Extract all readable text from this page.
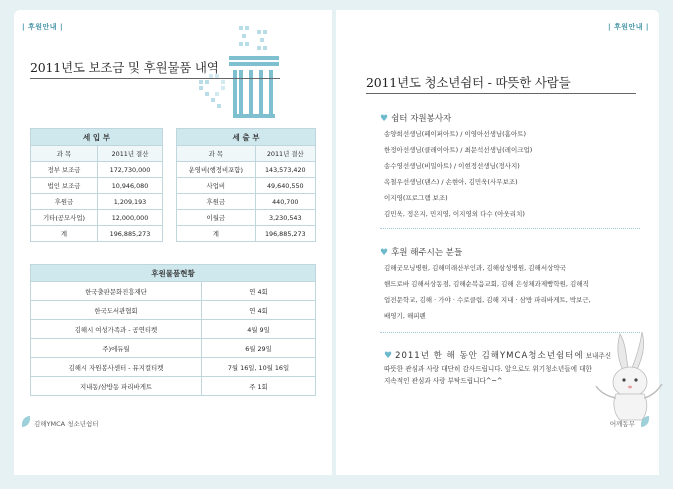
| 후원안내 |	| 후원안내 |
2011년도 보조금 및 후원물품 내역
세 입 부	
과 목	2011년 결산
정부 보조금	172,730,000
법인 보조금	10,946,080
후원금	1,209,193
기타(공모사업)	12,000,000
계	196,885,273
세 출 부	
과 목	2011년 결산
운영비(행정비포함)	143,573,420
사업비	49,640,550
후원금	440,700
이월금	3,230,543
계	196,885,273
후원물품현황	
한국출판문화진흥재단	연 4회
한국도서관협회	연 4회
김해시 여성가족과 - 공연티켓	4월 9일
주)에듀월	6월 29일
김해시 자원봉사센터 - 뮤지컬티켓	7월 16일, 10월 16일
지내동/삼방동 파리바게트	주 1회
2011년도 청소년쉼터 - 따뜻한 사람들
♥ 쉼터 자원봉사자
송양희선생님(페이퍼아트) / 이영아선생님(홈아트)
한정아선생님(클레이아트) / 최문석선생님(레이크업)
송수영선생님(비밀아트) / 이현정선생님(정사지)
옥철우선생님(댄스) / 손현아, 김민욱(사무보조)
이지영(프로그램 보조)
김민욱, 정은지, 민지영, 이지영외 다수 (아웃리치)
♥ 후원 해주시는 분들
김해굿모닝병원, 김해미래산부인과, 김해삼성병원, 김해서상약국
핸드로바 김해서상동점, 김해순복음교회, 김해 은성체과제빵학원, 김해직
업전문학교, 김해 · 가야 · 수로클럽, 김해 지내 · 삼방 파리바게트, 박보근,
배영기, 해피펜
♥ 2011년 한 해 동안 김해YMCA청소년쉼터에 보내주신
따뜻한 관심과 사랑 대단히 감사드립니다. 앞으로도 위기청소년들에 대한
지속적인 관심과 사랑 부탁드립니다^~^
김해YMCA 청소년쉼터	어깨동무
